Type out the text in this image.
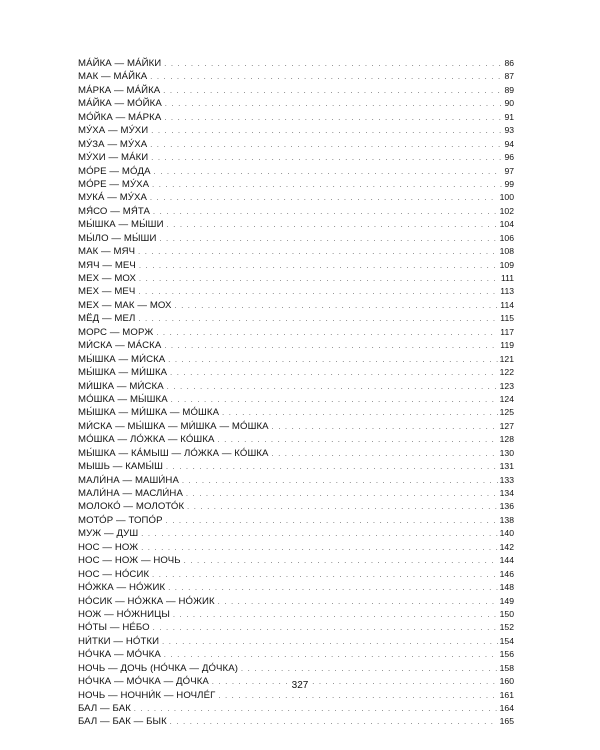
МА́ЙКА — МА́ЙКИ . . .	86
МАК — МА́ЙКА . . .	87
МА́РКА — МА́ЙКА . . .	89
МА́ЙКА — МО́ЙКА . . .	90
МО́ЙКА — МА́РКА . . .	91
МУ́ХА — МУ́ХИ . . .	93
МУ́ЗА — МУ́ХА . . .	94
МУ́ХИ — МА́КИ . . .	96
МО́РЕ — МО́ДА . . .	97
МО́РЕ — МУ́ХА . . .	99
МУКА́ — МУ́ХА . . .	100
МЯ́СО — МЯ́ТА . . .	102
МЫ́ШКА — МЫ́ШИ . . .	104
МЫ́ЛО — МЫ́ШИ . . .	106
МАК — МЯЧ . . .	108
МЯЧ — МЕЧ . . .	109
МЕХ — МОХ . . .	111
МЕХ — МЕЧ . . .	113
МЕХ — МАК — МОХ . . .	114
МЁД — МЕЛ . . .	115
МОРС — МОРЖ . . .	117
МИ́СКА — МА́СКА . . .	119
МЫ́ШКА — МИ́СКА . . .	121
МЫ́ШКА — МИ́ШКА . . .	122
МИ́ШКА — МИ́СКА . . .	123
МО́ШКА — МЫ́ШКА . . .	124
МЫ́ШКА — МИ́ШКА — МО́ШКА . . .	125
МИ́СКА — МЫ́ШКА — МИ́ШКА — МО́ШКА . . .	127
МО́ШКА — ЛО́ЖКА — КО́ШКА . . .	128
МЫ́ШКА — КА́МЫШ — ЛО́ЖКА — КО́ШКА . . .	130
МЫШЬ — КАМЫ́Ш . . .	131
МАЛИ́НА — МАШИ́НА . . .	133
МАЛИ́НА — МАСЛИ́НА . . .	134
МОЛОКО́ — МОЛОТО́К . . .	136
МОТО́Р — ТОПО́Р . . .	138
МУЖ — ДУШ . . .	140
НОС — НОЖ . . .	142
НОС — НОЖ — НОЧЬ . . .	144
НОС — НО́СИК . . .	146
НО́ЖКА — НО́ЖИК . . .	148
НО́СИК — НО́ЖКА — НО́ЖИК . . .	149
НОЖ — НО́ЖНИЦЫ . . .	150
НО́ТЫ — НЕ́БО . . .	152
НИ́ТКИ — НО́ТКИ . . .	154
НО́ЧКА — МО́ЧКА . . .	156
НОЧЬ — ДОЧЬ (НО́ЧКА — ДО́ЧКА) . . .	158
НО́ЧКА — МО́ЧКА — ДО́ЧКА . . .	160
НОЧЬ — НОЧНИ́К — НОЧЛЕ́Г . . .	161
БАЛ — БАК . . .	164
БАЛ — БАК — БЫК . . .	165
327
